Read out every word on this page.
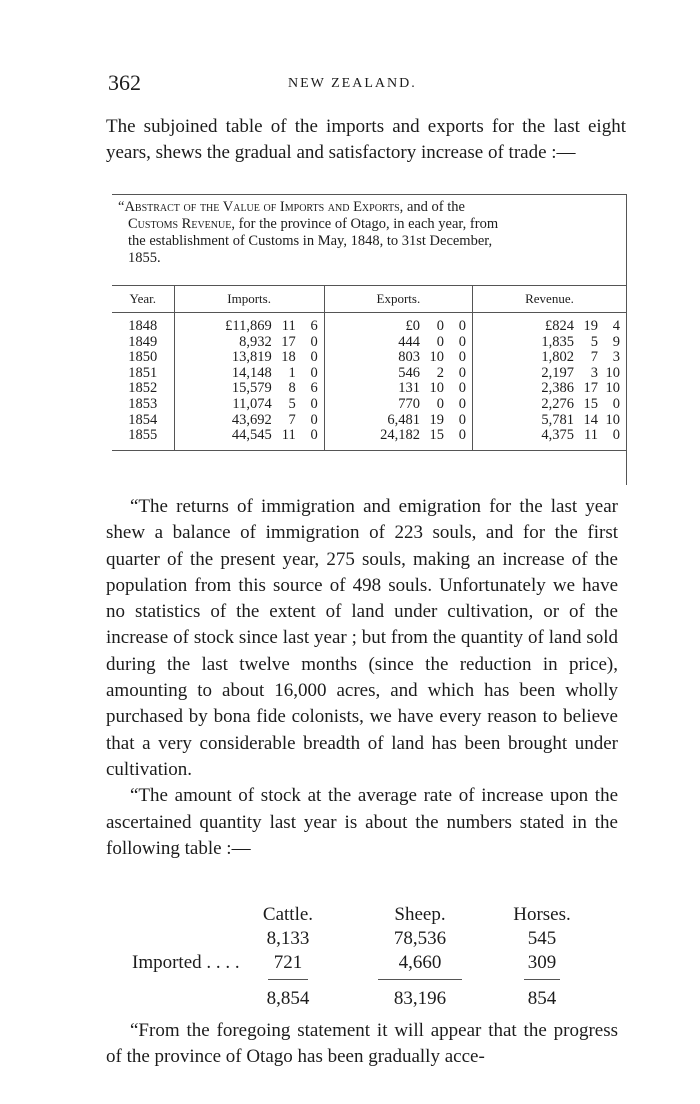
362	NEW ZEALAND.

The subjoined table of the imports and exports for the last eight years, shews the gradual and satisfactory increase of trade :—

“Abstract of the Value of Imports and Exports, and of the
Customs Revenue, for the province of Otago, in each year, from
the establishment of Customs in May, 1848, to 31st December,
1855.
Year.	Imports.	Exports.	Revenue.
1848	£11,869 11 6	£0 0 0	£824 19 4

1849	8,932 17 0	444 0 0	1,835 5 9

1850	13,819 18 0	803 10 0	1,802 7 3

1851	14,148 1 0	546 2 0	2,197 3 10

1852	15,579 8 6	131 10 0	2,386 17 10

1853	11,074 5 0	770 0 0	2,276 15 0

1854	43,692 7 0	6,481 19 0	5,781 14 10

1855	44,545 11 0	24,182 15 0	4,375 11 0

“The returns of immigration and emigration for the last year shew a balance of immigration of 223 souls, and for the first quarter of the present year, 275 souls, making an increase of the population from this source of 498 souls. Unfortunately we have no statistics of the extent of land under cultivation, or of the increase of stock since last year ; but from the quantity of land sold during the last twelve months (since the reduction in price), amounting to about 16,000 acres, and which has been wholly purchased by bona fide colonists, we have every reason to believe that a very considerable breadth of land has been brought under cultivation.

“The amount of stock at the average rate of increase upon the ascertained quantity last year is about the numbers stated in the following table :—

Cattle.	Sheep.	Horses.
8,133	78,536	545
Imported . . . .	721	4,660	309
8,854	83,196	854

“From the foregoing statement it will appear that the progress of the province of Otago has been gradually acce-
